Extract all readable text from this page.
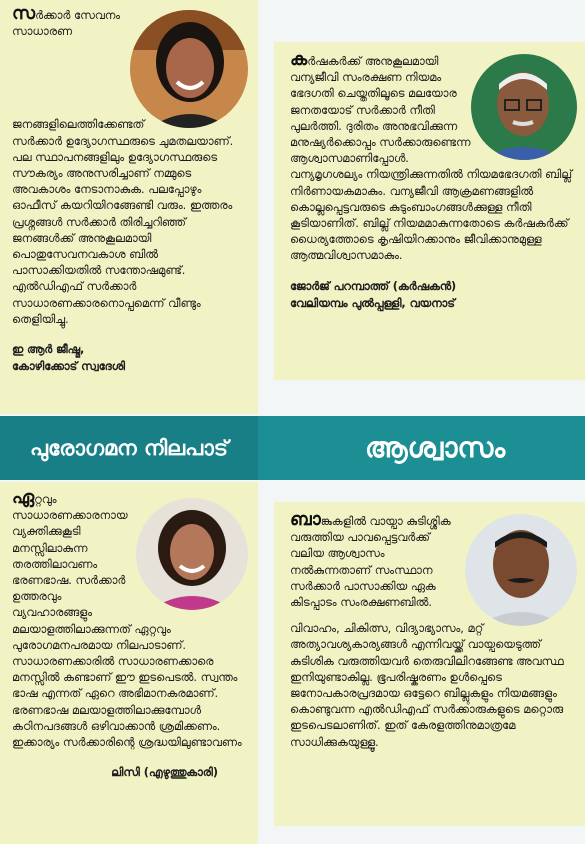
സർക്കാർ സേവനം സാധാരണ ജനങ്ങളിലെത്തിക്കേണ്ടത് സർക്കാർ ഉദ്യോഗസ്ഥരുടെ ചുമതലയാണ്. പല സ്ഥാപനങ്ങളിലും ഉദ്യോഗസ്ഥരുടെ സൗകര്യം അനുസരിച്ചാണ് നമ്മുടെ അവകാശം നേടാനാകുക. പലപ്പോഴും ഓഫീസ് കയറിയിറങ്ങേണ്ടി വരും. ഇത്തരം പ്രശ്നങ്ങൾ സർക്കാർ തിരിച്ചറിഞ്ഞ് ജനങ്ങൾക്ക് അനുകൂലമായി പൊതുസേവനവകാശ ബിൽ പാസാക്കിയതിൽ സന്തോഷമുണ്ട്. എൽഡിഎഫ് സർക്കാർ സാധാരണക്കാരനൊപ്പമെന്ന് വീണ്ടും തെളിയിച്ചു.

ഇ ആർ ജീഷ്മ,

കോഴിക്കോട് സ്വദേശി

കർഷകർക്ക് അനുകൂലമായി വന്യജീവി സംരക്ഷണ നിയമം ഭേദഗതി ചെയ്തതിലൂടെ മലയോര ജനതയോട് സർക്കാർ നീതി പുലർത്തി. ദുരിതം അനുഭവിക്കുന്ന മനുഷ്യർക്കൊപ്പം സർക്കാരുണ്ടെന്ന ആശ്വാസമാണിപ്പോൾ. വന്യമൃഗശല്യം നിയന്ത്രിക്കുന്നതിൽ നിയമഭേദഗതി ബില്ല് നിർണായകമാകും. വന്യജീവി ആക്രമണങ്ങളിൽ കൊല്ലപ്പെട്ടവരുടെ കുടുംബാംഗങ്ങൾക്കുള്ള നീതി കൂടിയാണിത്. ബില്ല് നിയമമാകുന്നതോടെ കർഷകർക്ക് ധൈര്യത്തോടെ കൃഷിയിറക്കാനും ജീവിക്കാനുമുള്ള ആത്മവിശ്വാസമാകും.

ജോർജ് പറമ്പാത്ത് (കർഷകൻ)

വേലിയമ്പം പുൽപ്പള്ളി, വയനാട്

പുരോഗമന നിലപാട്	ആശ്വാസം

ഏറ്റവും സാധാരണക്കാരനായ വ്യക്തിക്കുകൂടി മനസ്സിലാകുന്ന തരത്തിലാവണം ഭരണഭാഷ. സർക്കാർ ഉത്തരവും വ്യവഹാരങ്ങളും മലയാളത്തിലാക്കുന്നത് ഏറ്റവും പുരോഗമനപരമായ നിലപാടാണ്. സാധാരണക്കാരിൽ സാധാരണക്കാരെ മനസ്സിൽ കണ്ടാണ് ഈ ഇടപെടൽ. സ്വന്തം ഭാഷ എന്നത് ഏറെ അഭിമാനകരമാണ്. ഭരണഭാഷ മലയാളത്തിലാക്കുമ്പോൾ കഠിനപദങ്ങൾ ഒഴിവാക്കാൻ ശ്രമിക്കണം. ഇക്കാര്യം സർക്കാരിന്റെ ശ്രദ്ധയിലുണ്ടാവണം

ലിസി (എഴുത്തുകാരി)

ബാങ്കുകളിൽ വായ്പാ കുടിശ്ശിക വരുത്തിയ പാവപ്പെട്ടവർക്ക് വലിയ ആശ്വാസം നൽകുന്നതാണ് സംസ്ഥാന സർക്കാർ പാസാക്കിയ ഏക കിടപ്പാടം സംരക്ഷണബിൽ.

വിവാഹം, ചികിത്സ, വിദ്യാഭ്യാസം, മറ്റ് അത്യാവശ്യകാര്യങ്ങൾ എന്നിവയ്ക്ക് വായ്പയെടുത്ത് കുടിശിക വരുത്തിയവർ തെരുവിലിറങ്ങേണ്ട അവസ്ഥ ഇനിയുണ്ടാകില്ല. ഭൂപരിഷ്കരണം ഉൾപ്പെടെ ജനോപകാരപ്രദമായ ഒട്ടേറെ ബില്ലുകളും നിയമങ്ങളും കൊണ്ടുവന്ന എൽഡിഎഫ് സർക്കാരുകളുടെ മറ്റൊരു ഇടപെടലാണിത്. ഇത് കേരളത്തിനുമാത്രമേ സാധിക്കുകയുള്ളൂ.
